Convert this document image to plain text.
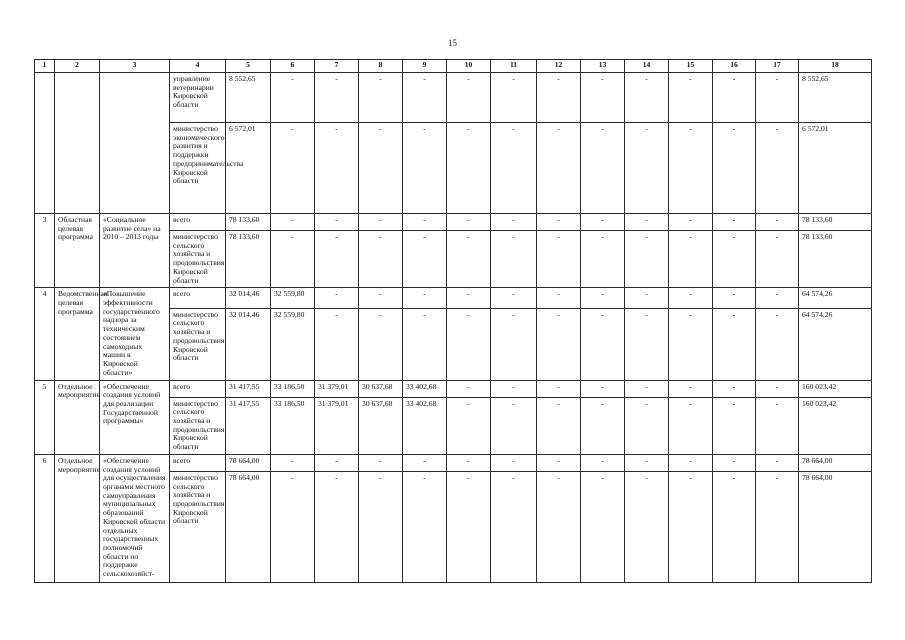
15
1	2	3	4	5	6	7	8	9	10	11	12	13	14	15	16	17	18
			управление ветеринарии Кировской области	8 552,65	-	-	-	-	-	-	-	-	-	-	-	-	8 552,65
			министерство экономического развития и поддержки предпринимательства Кировской области	6 572,01	-	-	-	-	-	-	-	-	-	-	-	-	6 572,01
3	Областная целевая программа	«Социальное развитие села» на 2010 – 2013 годы	всего	78 133,60	-	-	-	-	-	-	-	-	-	-	-	-	78 133,60
			министерство сельского хозяйства и продовольствия Кировской области	78 133,60	-	-	-	-	-	-	-	-	-	-	-	-	78 133,60
4	Ведомственная целевая программа	«Повышение эффективности государственного надзора за техническим состоянием самоходных машин в Кировской области»	всего	32 014,46	32 559,80	-	-	-	-	-	-	-	-	-	-	-	64 574,26
			министерство сельского хозяйства и продовольствия Кировской области	32 014,46	32 559,80	-	-	-	-	-	-	-	-	-	-	-	64 574,26
5	Отдельное мероприятие	«Обеспечение создания условий для реализации Государственной программы»	всего	31 417,55	33 186,50	31 379,01	30 637,68	33 402,68	-	-	-	-	-	-	-	-	160 023,42
			министерство сельского хозяйства и продовольствия Кировской области	31 417,55	33 186,50	31 379,01	30 637,68	33 402,68	-	-	-	-	-	-	-	-	160 023,42
6	Отдельное мероприятие	«Обеспечение создания условий для осуществления органами местного самоуправления муниципальных образований Кировской области отдельных государственных полномочий области по поддержке сельскохозяйст-	всего	78 664,00	-	-	-	-	-	-	-	-	-	-	-	-	78 664,00
			министерство сельского хозяйства и продовольствия Кировской области	78 664,00	-	-	-	-	-	-	-	-	-	-	-	-	78 664,00
